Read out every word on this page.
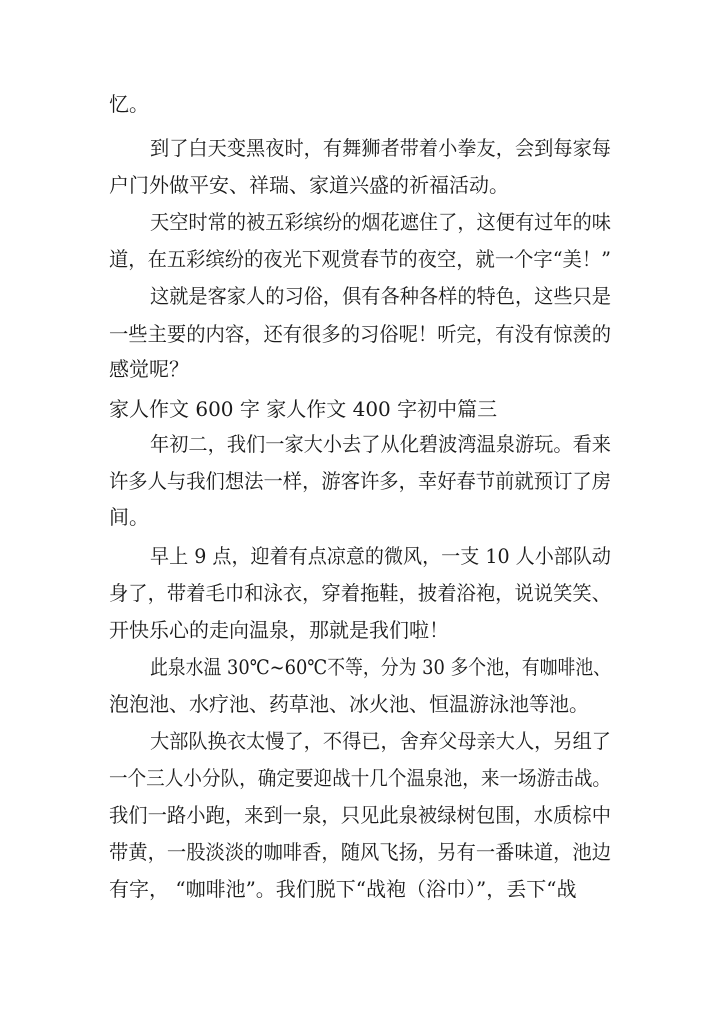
忆。
到了白天变黑夜时，有舞狮者带着小拳友，会到每家每
户门外做平安、祥瑞、家道兴盛的祈福活动。
天空时常的被五彩缤纷的烟花遮住了，这便有过年的味
道，在五彩缤纷的夜光下观赏春节的夜空，就一个字“美！”
这就是客家人的习俗，俱有各种各样的特色，这些只是
一些主要的内容，还有很多的习俗呢！听完，有没有惊羡的
感觉呢？
家人作文 600 字 家人作文 400 字初中篇三
年初二，我们一家大小去了从化碧波湾温泉游玩。看来
许多人与我们想法一样，游客许多，幸好春节前就预订了房
间。
早上 9 点，迎着有点凉意的微风，一支 10 人小部队动
身了，带着毛巾和泳衣，穿着拖鞋，披着浴袍，说说笑笑、
开快乐心的走向温泉，那就是我们啦！
此泉水温 30℃~60℃不等，分为 30 多个池，有咖啡池、
泡泡池、水疗池、药草池、冰火池、恒温游泳池等池。
大部队换衣太慢了，不得已，舍弃父母亲大人，另组了
一个三人小分队，确定要迎战十几个温泉池，来一场游击战。
我们一路小跑，来到一泉，只见此泉被绿树包围，水质棕中
带黄，一股淡淡的咖啡香，随风飞扬，另有一番味道，池边
有字， “咖啡池”。我们脱下“战袍（浴巾）”，丢下“战
